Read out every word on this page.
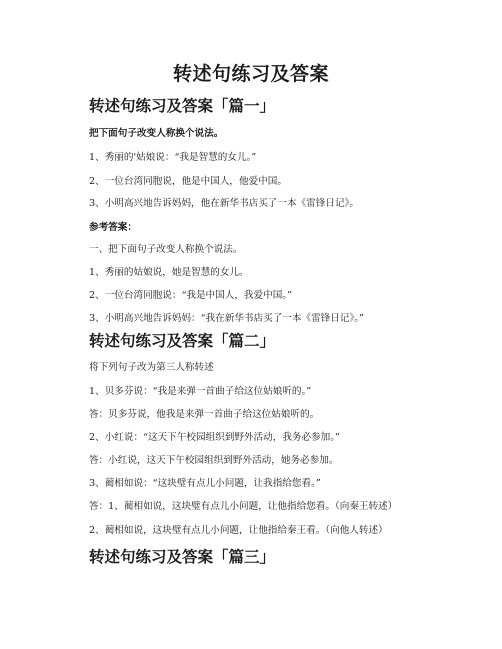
转述句练习及答案
转述句练习及答案「篇一」
把下面句子改变人称换个说法。
1、秀丽的'姑娘说：“我是智慧的女儿。”
2、一位台湾同胞说，他是中国人，他爱中国。
3、小明高兴地告诉妈妈，他在新华书店买了一本《雷锋日记》。
参考答案：
一、把下面句子改变人称换个说法。
1、秀丽的姑娘说，她是智慧的女儿。
2、一位台湾同胞说：“我是中国人，我爱中国。”
3、小明高兴地告诉妈妈：“我在新华书店买了一本《雷锋日记》。”
转述句练习及答案「篇二」
将下列句子改为第三人称转述
1、贝多芬说：“我是来弹一首曲子给这位姑娘听的。”
答：贝多芬说，他我是来弹一首曲子给这位姑娘听的。
2、小红说：“这天下午校园组织到野外活动，我务必参加。”
答：小红说，这天下午校园组织到野外活动，她务必参加。
3、蔺相如说：“这块璧有点儿小问题，让我指给您看。”
答：1、蔺相如说，这块璧有点儿小问题，让他指给您看。（向秦王转述）
2、蔺相如说，这块璧有点儿小问题，让他指给秦王看。（向他人转述）
转述句练习及答案「篇三」
